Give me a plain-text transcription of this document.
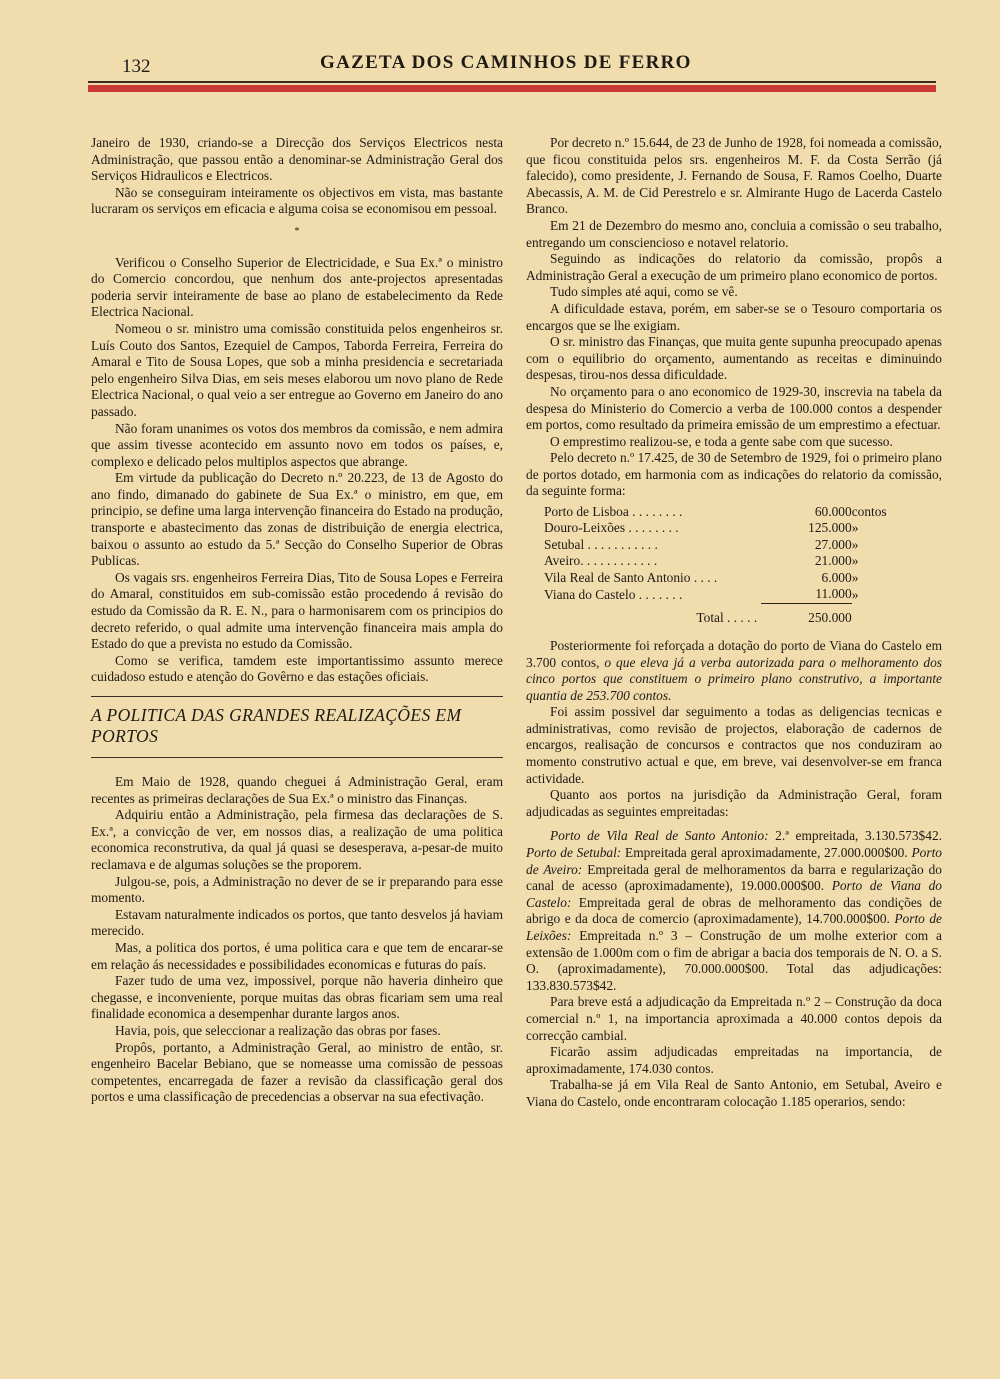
132	GAZETA DOS CAMINHOS DE FERRO

Janeiro de 1930, criando-se a Direcção dos Serviços Electricos nesta Administração, que passou então a denominar-se Administração Geral dos Serviços Hidraulicos e Electricos.

Não se conseguiram inteiramente os objectivos em vista, mas bastante lucraram os serviços em eficacia e alguma coisa se economisou em pessoal.

*

Verificou o Conselho Superior de Electricidade, e Sua Ex.ª o ministro do Comercio concordou, que nenhum dos ante-projectos apresentadas poderia servir inteiramente de base ao plano de estabelecimento da Rede Electrica Nacional.

Nomeou o sr. ministro uma comissão constituida pelos engenheiros sr. Luís Couto dos Santos, Ezequiel de Campos, Taborda Ferreira, Ferreira do Amaral e Tito de Sousa Lopes, que sob a minha presidencia e secretariada pelo engenheiro Silva Dias, em seis meses elaborou um novo plano de Rede Electrica Nacional, o qual veio a ser entregue ao Governo em Janeiro do ano passado.

Não foram unanimes os votos dos membros da comissão, e nem admira que assim tivesse acontecido em assunto novo em todos os países, e, complexo e delicado pelos multiplos aspectos que abrange.

Em virtude da publicação do Decreto n.º 20.223, de 13 de Agosto do ano findo, dimanado do gabinete de Sua Ex.ª o ministro, em que, em principio, se define uma larga intervenção financeira do Estado na produção, transporte e abastecimento das zonas de distribuição de energia electrica, baixou o assunto ao estudo da 5.ª Secção do Conselho Superior de Obras Publicas.

Os vagais srs. engenheiros Ferreira Dias, Tito de Sousa Lopes e Ferreira do Amaral, constituidos em sub-comissão estão procedendo á revisão do estudo da Comissão da R. E. N., para o harmonisarem com os principios do decreto referido, o qual admite uma intervenção financeira mais ampla do Estado do que a prevista no estudo da Comissão.

Como se verifica, tamdem este importantissimo assunto merece cuidadoso estudo e atenção do Govêrno e das estações oficiais.

A POLITICA DAS GRANDES REALIZAÇÕES EM PORTOS

Em Maio de 1928, quando cheguei á Administração Geral, eram recentes as primeiras declarações de Sua Ex.ª o ministro das Finanças.

Adquiriu então a Administração, pela firmesa das declarações de S. Ex.ª, a convicção de ver, em nossos dias, a realização de uma politica economica reconstrutiva, da qual já quasi se desesperava, a-pesar-de muito reclamava e de algumas soluções se the proporem.

Julgou-se, pois, a Administração no dever de se ir preparando para esse momento.

Estavam naturalmente indicados os portos, que tanto desvelos já haviam merecido.

Mas, a politica dos portos, é uma politica cara e que tem de encarar-se em relação ás necessidades e possibilidades economicas e futuras do país.

Fazer tudo de uma vez, impossivel, porque não haveria dinheiro que chegasse, e inconveniente, porque muitas das obras ficariam sem uma real finalidade economica a desempenhar durante largos anos.

Havia, pois, que seleccionar a realização das obras por fases.

Propôs, portanto, a Administração Geral, ao ministro de então, sr. engenheiro Bacelar Bebiano, que se nomeasse uma comissão de pessoas competentes, encarregada de fazer a revisão da classificação geral dos portos e uma classificação de precedencias a observar na sua efectivação.

Por decreto n.º 15.644, de 23 de Junho de 1928, foi nomeada a comissão, que ficou constituida pelos srs. engenheiros M. F. da Costa Serrão (já falecido), como presidente, J. Fernando de Sousa, F. Ramos Coelho, Duarte Abecassis, A. M. de Cid Perestrelo e sr. Almirante Hugo de Lacerda Castelo Branco.

Em 21 de Dezembro do mesmo ano, concluia a comissão o seu trabalho, entregando um consciencioso e notavel relatorio.

Seguindo as indicações do relatorio da comissão, propôs a Administração Geral a execução de um primeiro plano economico de portos.

Tudo simples até aqui, como se vê.

A dificuldade estava, porém, em saber-se se o Tesouro comportaria os encargos que se lhe exigiam.

O sr. ministro das Finanças, que muita gente supunha preocupado apenas com o equilibrio do orçamento, aumentando as receitas e diminuindo despesas, tirou-nos dessa dificuldade.

No orçamento para o ano economico de 1929-30, inscrevia na tabela da despesa do Ministerio do Comercio a verba de 100.000 contos a despender em portos, como resultado da primeira emissão de um emprestimo a efectuar.

O emprestimo realizou-se, e toda a gente sabe com que sucesso.

Pelo decreto n.º 17.425, de 30 de Setembro de 1929, foi o primeiro plano de portos dotado, em harmonia com as indicações do relatorio da comissão, da seguinte forma:

Porto de Lisboa . . . . . . . .	60.000	contos
Douro-Leixões . . . . . . . .	125.000	»
Setubal . . . . . . . . . . .	27.000	»
Aveiro. . . . . . . . . . . .	21.000	»
Vila Real de Santo Antonio . . . .	6.000	»
Viana do Castelo . . . . . . .	11.000	»
Total . . . . .	250.000	

Posteriormente foi reforçada a dotação do porto de Viana do Castelo em 3.700 contos, o que eleva já a verba autorizada para o melhoramento dos cinco portos que constituem o primeiro plano construtivo, a importante quantia de 253.700 contos.

Foi assim possivel dar seguimento a todas as deligencias tecnicas e administrativas, como revisão de projectos, elaboração de cadernos de encargos, realisação de concursos e contractos que nos conduziram ao momento construtivo actual e que, em breve, vai desenvolver-se em franca actividade.

Quanto aos portos na jurisdição da Administração Geral, foram adjudicadas as seguintes empreitadas:

Porto de Vila Real de Santo Antonio: 2.ª empreitada, 3.130.573$42. Porto de Setubal: Empreitada geral aproximadamente, 27.000.000$00. Porto de Aveiro: Empreitada geral de melhoramentos da barra e regularização do canal de acesso (aproximadamente), 19.000.000$00. Porto de Viana do Castelo: Empreitada geral de obras de melhoramento das condições de abrigo e da doca de comercio (aproximadamente), 14.700.000$00. Porto de Leixões: Empreitada n.º 3 – Construção de um molhe exterior com a extensão de 1.000m com o fim de abrigar a bacia dos temporais de N. O. a S. O. (aproximadamente), 70.000.000$00. Total das adjudicações: 133.830.573$42.

Para breve está a adjudicação da Empreitada n.º 2 – Construção da doca comercial n.º 1, na importancia aproximada a 40.000 contos depois da correcção cambial.

Ficarão assim adjudicadas empreitadas na importancia, de aproximadamente, 174.030 contos.

Trabalha-se já em Vila Real de Santo Antonio, em Setubal, Aveiro e Viana do Castelo, onde encontraram colocação 1.185 operarios, sendo:
